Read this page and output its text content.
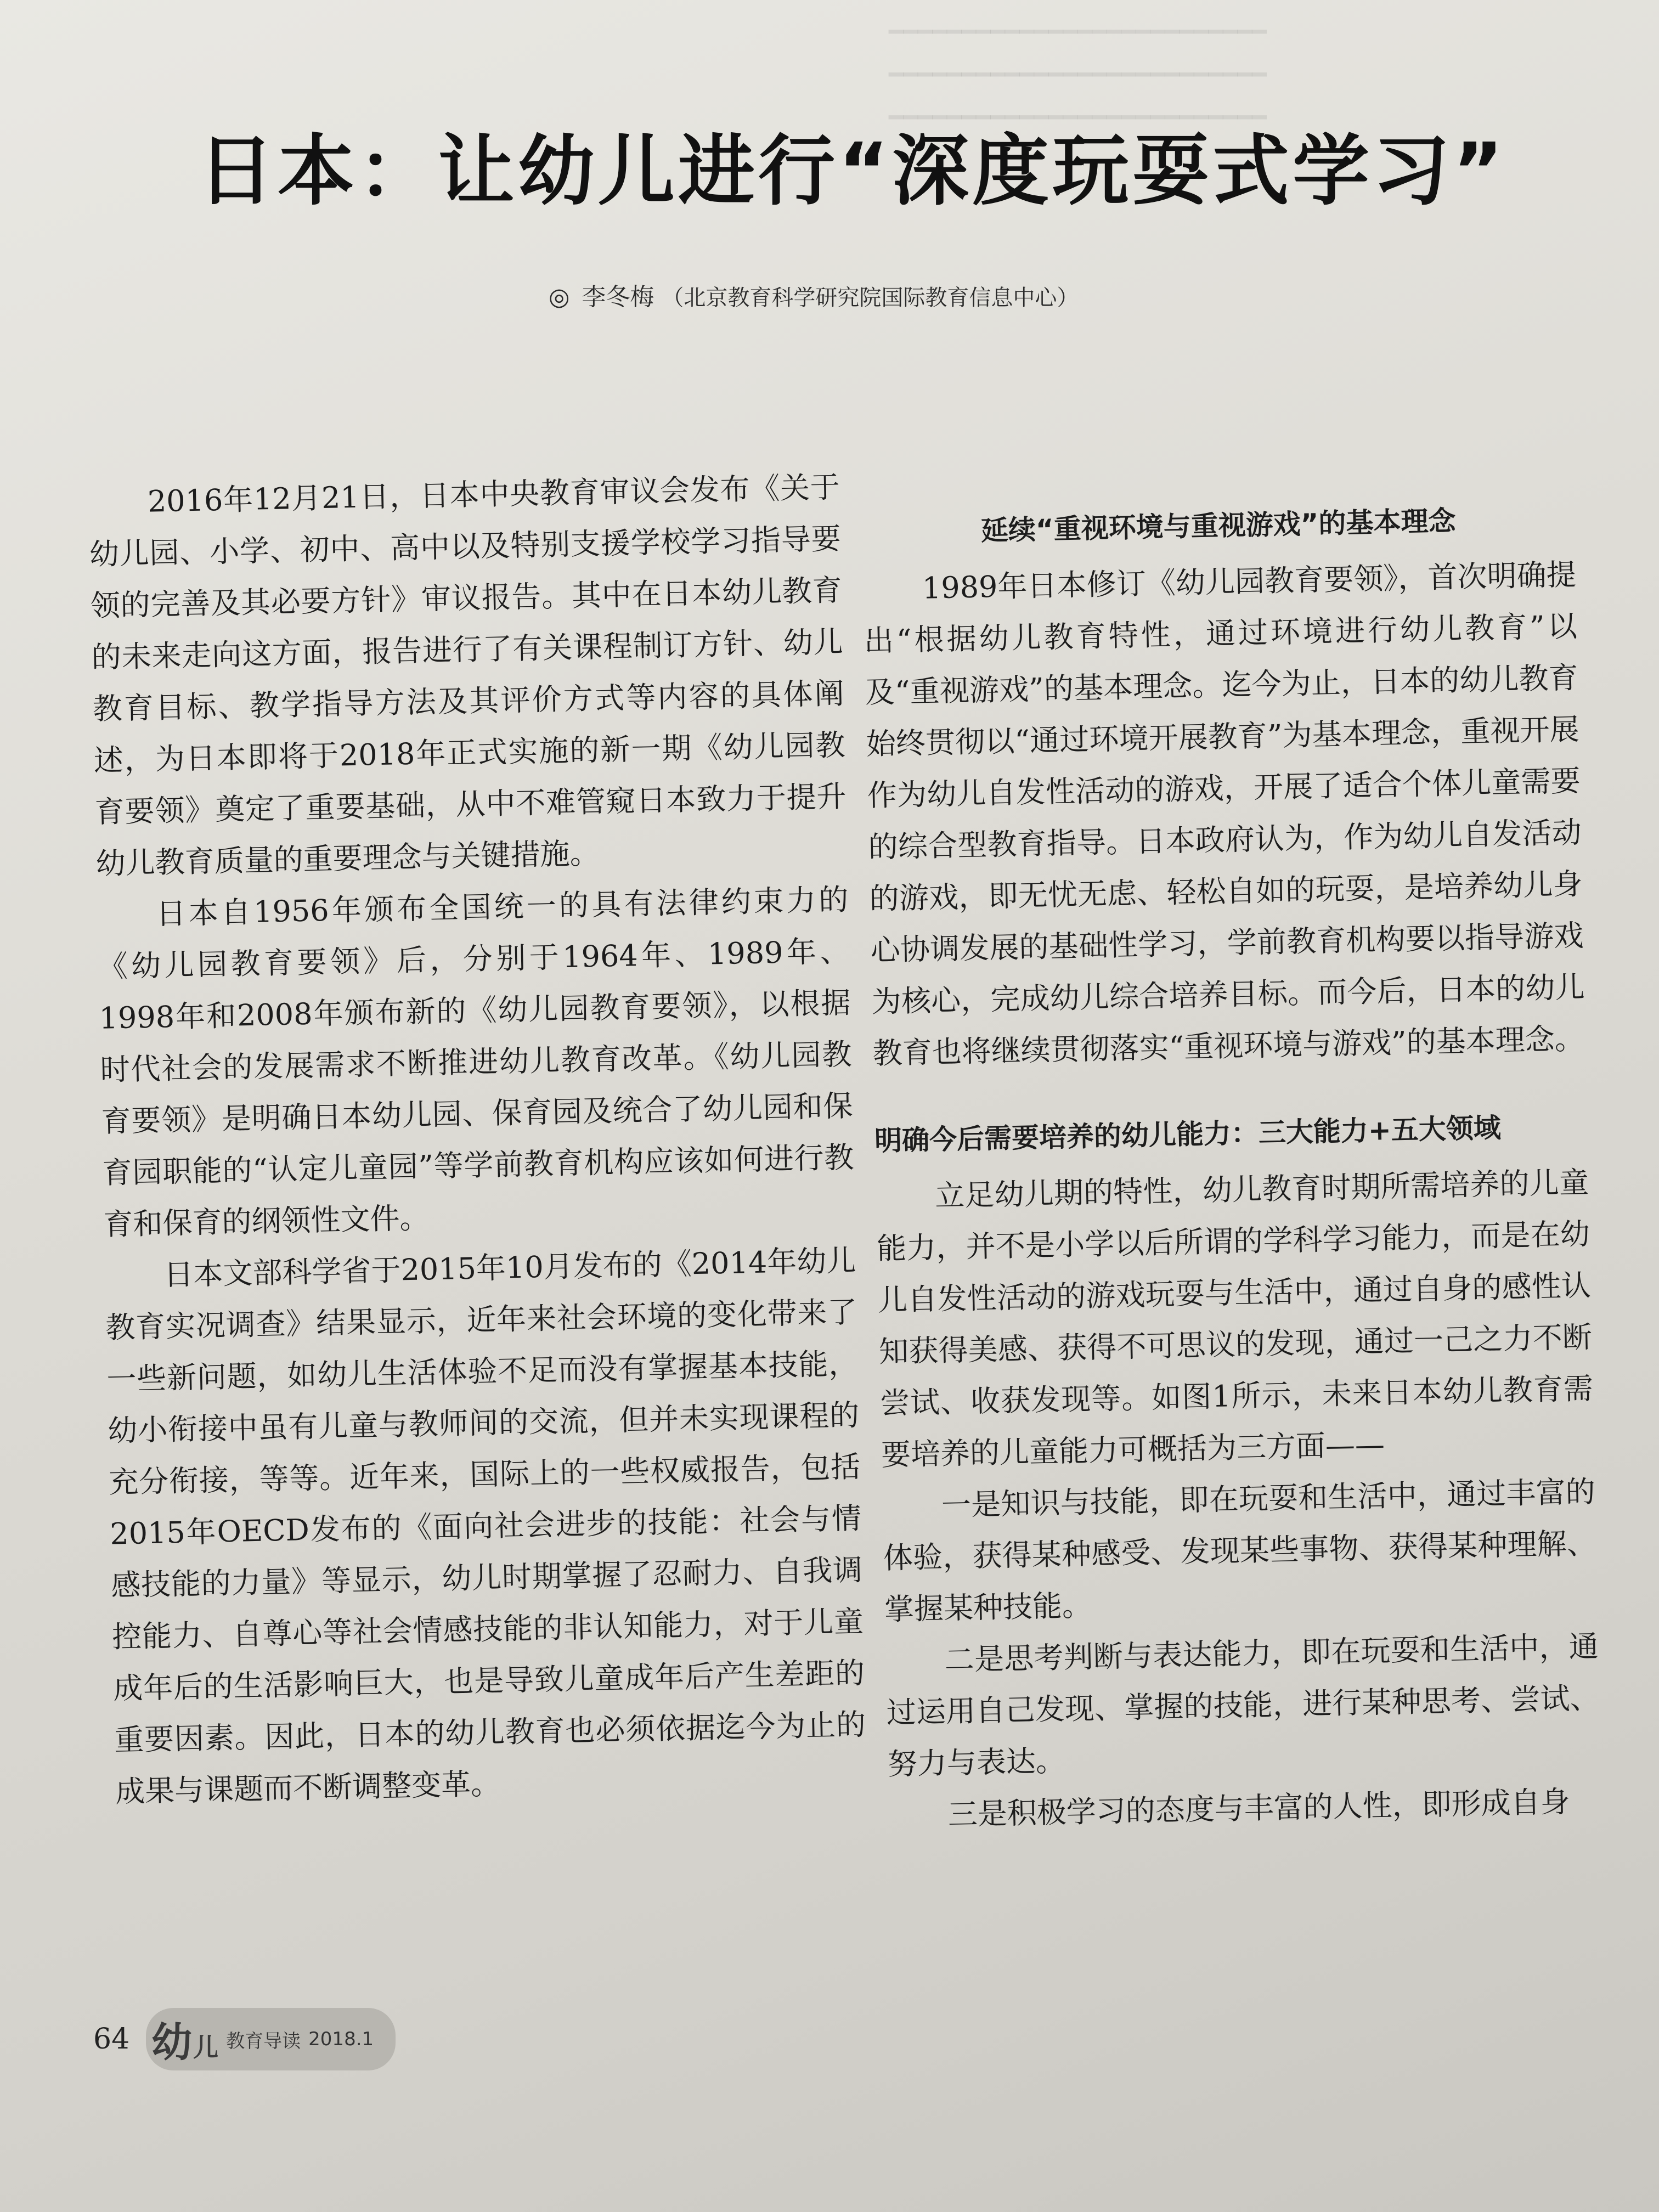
━━━━━━━━━━━━━━━━━━━━━━━━━━
━━━━━━━━━━━━━━━━━━━━━━━━━━
━━━━━━━━━━━━━━━━━━━━━━━━━━
日本：让幼儿进行“深度玩耍式学习”
◎ 李冬梅 （北京教育科学研究院国际教育信息中心）

2016年12月21日，日本中央教育审议会发布《关于幼儿园、小学、初中、高中以及特别支援学校学习指导要领的完善及其必要方针》审议报告。其中在日本幼儿教育的未来走向这方面，报告进行了有关课程制订方针、幼儿教育目标、教学指导方法及其评价方式等内容的具体阐述，为日本即将于2018年正式实施的新一期《幼儿园教育要领》奠定了重要基础，从中不难管窥日本致力于提升幼儿教育质量的重要理念与关键措施。

日本自1956年颁布全国统一的具有法律约束力的《幼儿园教育要领》后，分别于1964年、1989年、1998年和2008年颁布新的《幼儿园教育要领》，以根据时代社会的发展需求不断推进幼儿教育改革。《幼儿园教育要领》是明确日本幼儿园、保育园及统合了幼儿园和保育园职能的“认定儿童园”等学前教育机构应该如何进行教育和保育的纲领性文件。

日本文部科学省于2015年10月发布的《2014年幼儿教育实况调查》结果显示，近年来社会环境的变化带来了一些新问题，如幼儿生活体验不足而没有掌握基本技能，幼小衔接中虽有儿童与教师间的交流，但并未实现课程的充分衔接，等等。近年来，国际上的一些权威报告，包括2015年OECD发布的《面向社会进步的技能：社会与情感技能的力量》等显示，幼儿时期掌握了忍耐力、自我调控能力、自尊心等社会情感技能的非认知能力，对于儿童成年后的生活影响巨大，也是导致儿童成年后产生差距的重要因素。因此，日本的幼儿教育也必须依据迄今为止的成果与课题而不断调整变革。

延续“重视环境与重视游戏”的基本理念

1989年日本修订《幼儿园教育要领》，首次明确提出“根据幼儿教育特性，通过环境进行幼儿教育”以及“重视游戏”的基本理念。迄今为止，日本的幼儿教育始终贯彻以“通过环境开展教育”为基本理念，重视开展作为幼儿自发性活动的游戏，开展了适合个体儿童需要的综合型教育指导。日本政府认为，作为幼儿自发活动的游戏，即无忧无虑、轻松自如的玩耍，是培养幼儿身心协调发展的基础性学习，学前教育机构要以指导游戏为核心，完成幼儿综合培养目标。而今后，日本的幼儿教育也将继续贯彻落实“重视环境与游戏”的基本理念。

明确今后需要培养的幼儿能力：三大能力+五大领域

立足幼儿期的特性，幼儿教育时期所需培养的儿童能力，并不是小学以后所谓的学科学习能力，而是在幼儿自发性活动的游戏玩耍与生活中，通过自身的感性认知获得美感、获得不可思议的发现，通过一己之力不断尝试、收获发现等。如图1所示，未来日本幼儿教育需要培养的儿童能力可概括为三方面——

一是知识与技能，即在玩耍和生活中，通过丰富的体验，获得某种感受、发现某些事物、获得某种理解、掌握某种技能。

二是思考判断与表达能力，即在玩耍和生活中，通过运用自己发现、掌握的技能，进行某种思考、尝试、努力与表达。

三是积极学习的态度与丰富的人性，即形成自身

64 幼 儿 教育导读 2018.1
